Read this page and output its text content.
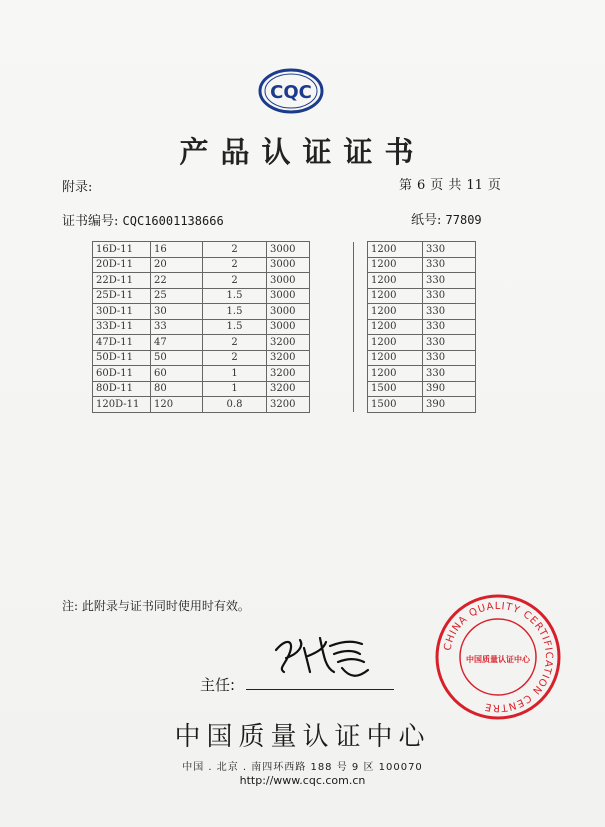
CQC
产品认证证书
附录:	第 6 页 共 11 页
证书编号: CQC16001138666	纸号: 77809
16D-11	16	2	3000			1200	330
20D-11	20	2	3000			1200	330
22D-11	22	2	3000			1200	330
25D-11	25	1.5	3000			1200	330
30D-11	30	1.5	3000			1200	330
33D-11	33	1.5	3000			1200	330
47D-11	47	2	3200			1200	330
50D-11	50	2	3200			1200	330
60D-11	60	1	3200			1200	330
80D-11	80	1	3200			1500	390
120D-11	120	0.8	3200			1500	390
注: 此附录与证书同时使用时有效。
主任:
中国质量认证中心
中国 . 北京 . 南四环西路 188 号 9 区 100070
http://www.cqc.com.cn
CHINA QUALITY CERTIFICATION CENTRE
中国质量认证中心
